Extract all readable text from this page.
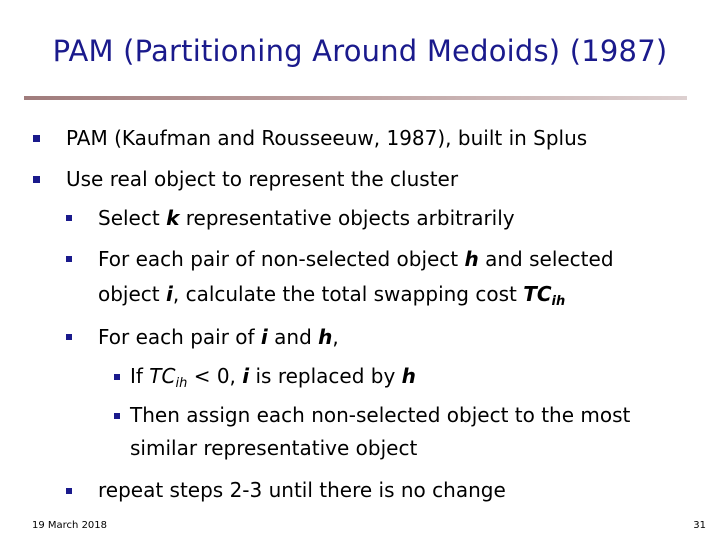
PAM (Partitioning Around Medoids) (1987)
PAM (Kaufman and Rousseeuw, 1987), built in Splus
Use real object to represent the cluster
Select k representative objects arbitrarily
For each pair of non-selected object h and selected
object i, calculate the total swapping cost $TC_{ih}$
For each pair of i and h,
If $TC_{ih} < 0$, i is replaced by h
Then assign each non-selected object to the most
similar representative object
repeat steps 2-3 until there is no change
19 March 2018	31
